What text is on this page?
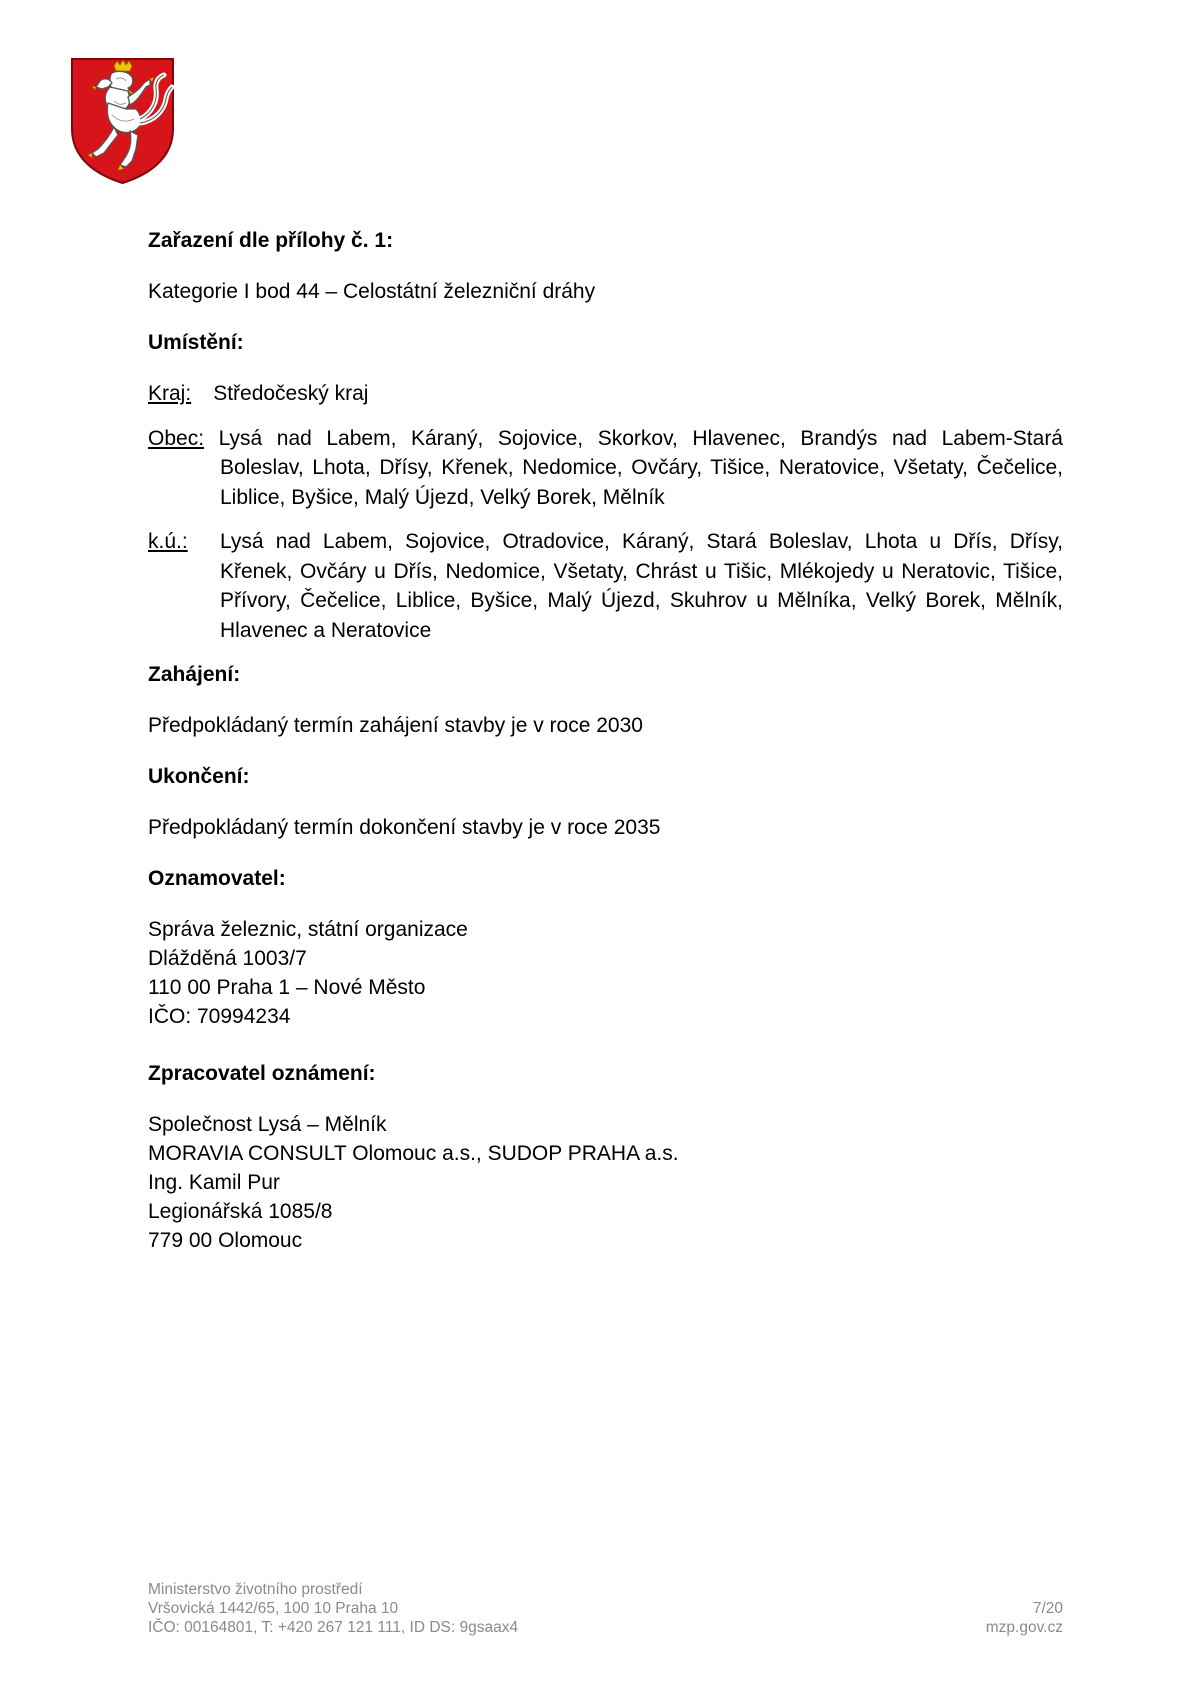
Zařazení dle přílohy č. 1:
Kategorie I bod 44 – Celostátní železniční dráhy
Umístění:
Kraj: Středočeský kraj
Obec: Lysá nad Labem, Káraný, Sojovice, Skorkov, Hlavenec, Brandýs nad Labem-Stará Boleslav, Lhota, Dřísy, Křenek, Nedomice, Ovčáry, Tišice, Neratovice, Všetaty, Čečelice, Liblice, Byšice, Malý Újezd, Velký Borek, Mělník
k.ú.: Lysá nad Labem, Sojovice, Otradovice, Káraný, Stará Boleslav, Lhota u Dřís, Dřísy, Křenek, Ovčáry u Dřís, Nedomice, Všetaty, Chrást u Tišic, Mlékojedy u Neratovic, Tišice, Přívory, Čečelice, Liblice, Byšice, Malý Újezd, Skuhrov u Mělníka, Velký Borek, Mělník, Hlavenec a Neratovice
Zahájení:
Předpokládaný termín zahájení stavby je v roce 2030
Ukončení:
Předpokládaný termín dokončení stavby je v roce 2035
Oznamovatel:
Správa železnic, státní organizace
Dlážděná 1003/7
110 00 Praha 1 – Nové Město
IČO: 70994234
Zpracovatel oznámení:
Společnost Lysá – Mělník
MORAVIA CONSULT Olomouc a.s., SUDOP PRAHA a.s.
Ing. Kamil Pur
Legionářská 1085/8
779 00 Olomouc
Ministerstvo životního prostředí
Vršovická 1442/65, 100 10 Praha 10
IČO: 00164801, T: +420 267 121 111, ID DS: 9gsaax4
7/20
mzp.gov.cz
